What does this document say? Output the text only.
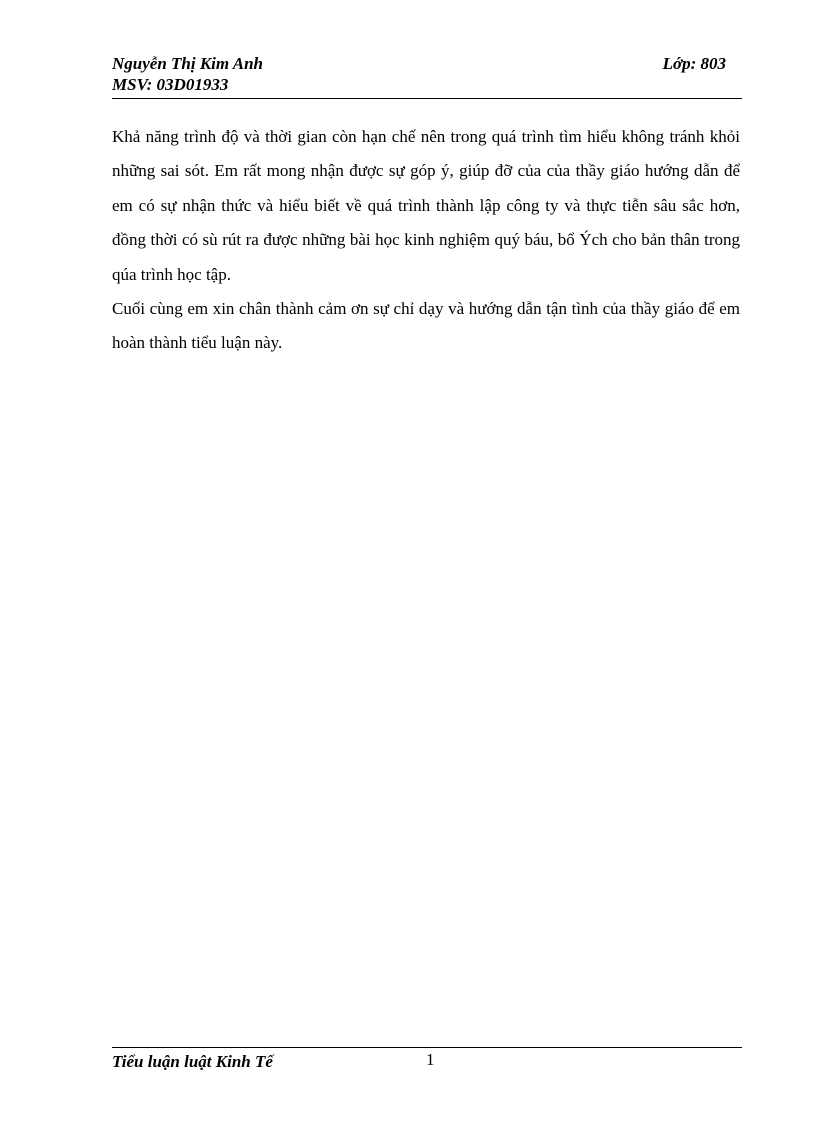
Nguyễn Thị Kim Anh
MSV: 03D01933
Lớp: 803

Khả năng trình độ và thời gian còn hạn chế nên trong quá trình tìm hiểu không tránh khỏi những sai sót. Em rất mong nhận được sự góp ý, giúp đỡ của của thầy giáo hướng dẫn để em có sự nhận thức và hiểu biết về quá trình thành lập công ty và thực tiễn sâu sắc hơn, đồng thời có sù rút ra được những bài học kinh nghiệm quý báu, bổ Ých cho bản thân trong qúa trình học tập.

Cuối cùng em xin chân thành cảm ơn sự chỉ dạy và hướng dẫn tận tình của thầy giáo để em hoàn thành tiểu luận này.

Tiểu luận luật Kinh Tế	1
